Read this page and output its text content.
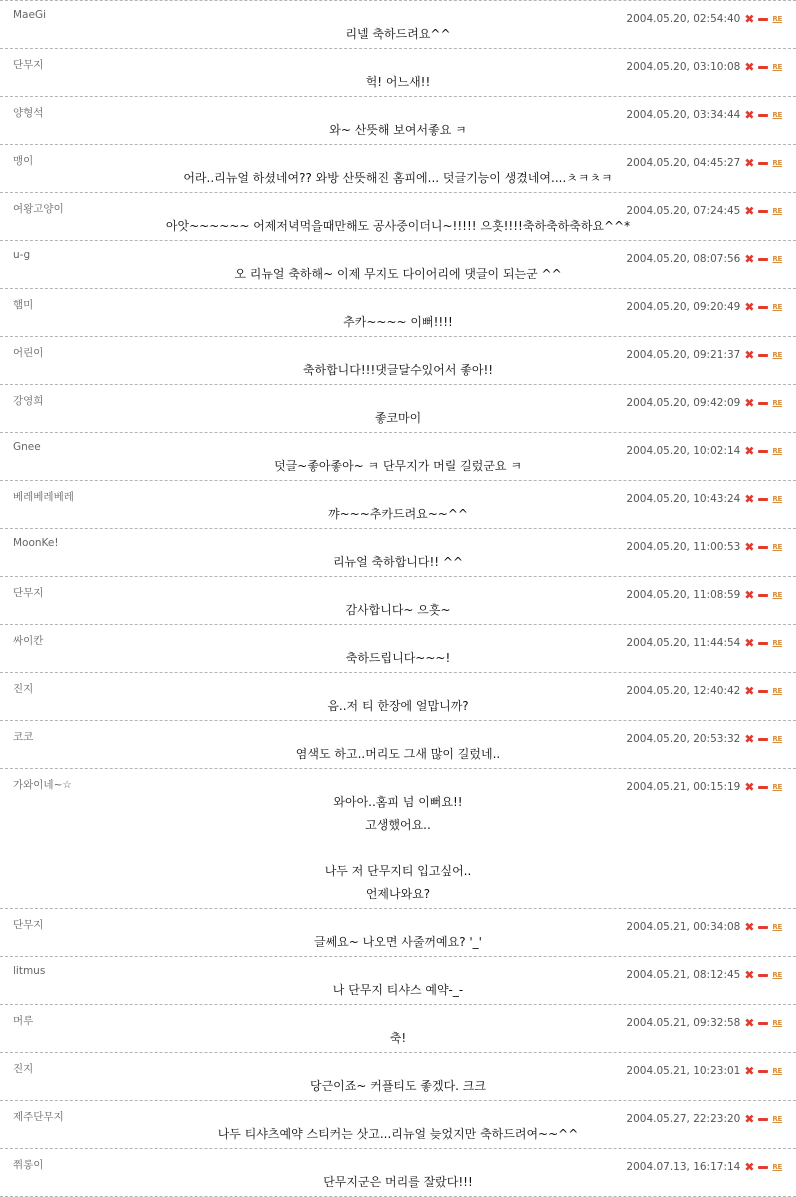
MaeGi	2004.05.20, 02:54:40 ✖	RE
리넬 축하드려요^^
단무지	2004.05.20, 03:10:08 ✖	RE
헉! 어느새!!
양형석	2004.05.20, 03:34:44 ✖	RE
와~ 산뜻해 보여서좋요 ㅋ
맹이	2004.05.20, 04:45:27 ✖	RE
어라..리뉴얼 하셨네여?? 와방 산뜻해진 홈피에... 덧글기능이 생겼네여....ㅊㅋㅊㅋ
여왕고양이	2004.05.20, 07:24:45 ✖	RE
아앗~~~~~~ 어제저녁먹을때만해도 공사중이더니~!!!!! 으흣!!!!축하축하축하요^^*
u-g	2004.05.20, 08:07:56 ✖	RE
오 리뉴얼 축하해~ 이제 무지도 다이어리에 댓글이 되는군 ^^
햄미	2004.05.20, 09:20:49 ✖	RE
추카~~~~ 이뻐!!!!
어린이	2004.05.20, 09:21:37 ✖	RE
축하합니다!!!댓글달수있어서 좋아!!
강영희	2004.05.20, 09:42:09 ✖	RE
좋코마이
Gnee	2004.05.20, 10:02:14 ✖	RE
덧글~좋아좋아~ ㅋ 단무지가 머릴 길렀군요 ㅋ
베레베레베레	2004.05.20, 10:43:24 ✖	RE
꺄~~~추카드려요~~^^
MoonKe!	2004.05.20, 11:00:53 ✖	RE
리뉴얼 축하합니다!! ^^
단무지	2004.05.20, 11:08:59 ✖	RE
감사합니다~ 으흣~
싸이칸	2004.05.20, 11:44:54 ✖	RE
축하드립니다~~~!
진지	2004.05.20, 12:40:42 ✖	RE
음..저 티 한장에 얼맙니까?
코코	2004.05.20, 20:53:32 ✖	RE
염색도 하고..머리도 그새 많이 길렀네..
가와이네~☆	2004.05.21, 00:15:19 ✖	RE
와아아..홈피 넘 이뻐요!!
고생했어요..
나두 저 단무지티 입고싶어..
언제나와요?
단무지	2004.05.21, 00:34:08 ✖	RE
글쎄요~ 나오면 사줄꺼예요? '_'
litmus	2004.05.21, 08:12:45 ✖	RE
나 단무지 티샤스 예약-_-
머루	2004.05.21, 09:32:58 ✖	RE
축!
진지	2004.05.21, 10:23:01 ✖	RE
당근이죠~ 커플티도 좋겠다. 크크
제주단무지	2004.05.27, 22:23:20 ✖	RE
나두 티샤츠예약 스티커는 삿고...리뉴얼 늦었지만 축하드려여~~^^
쮜롱이	2004.07.13, 16:17:14 ✖	RE
단무지군은 머리를 잘랐다!!!
